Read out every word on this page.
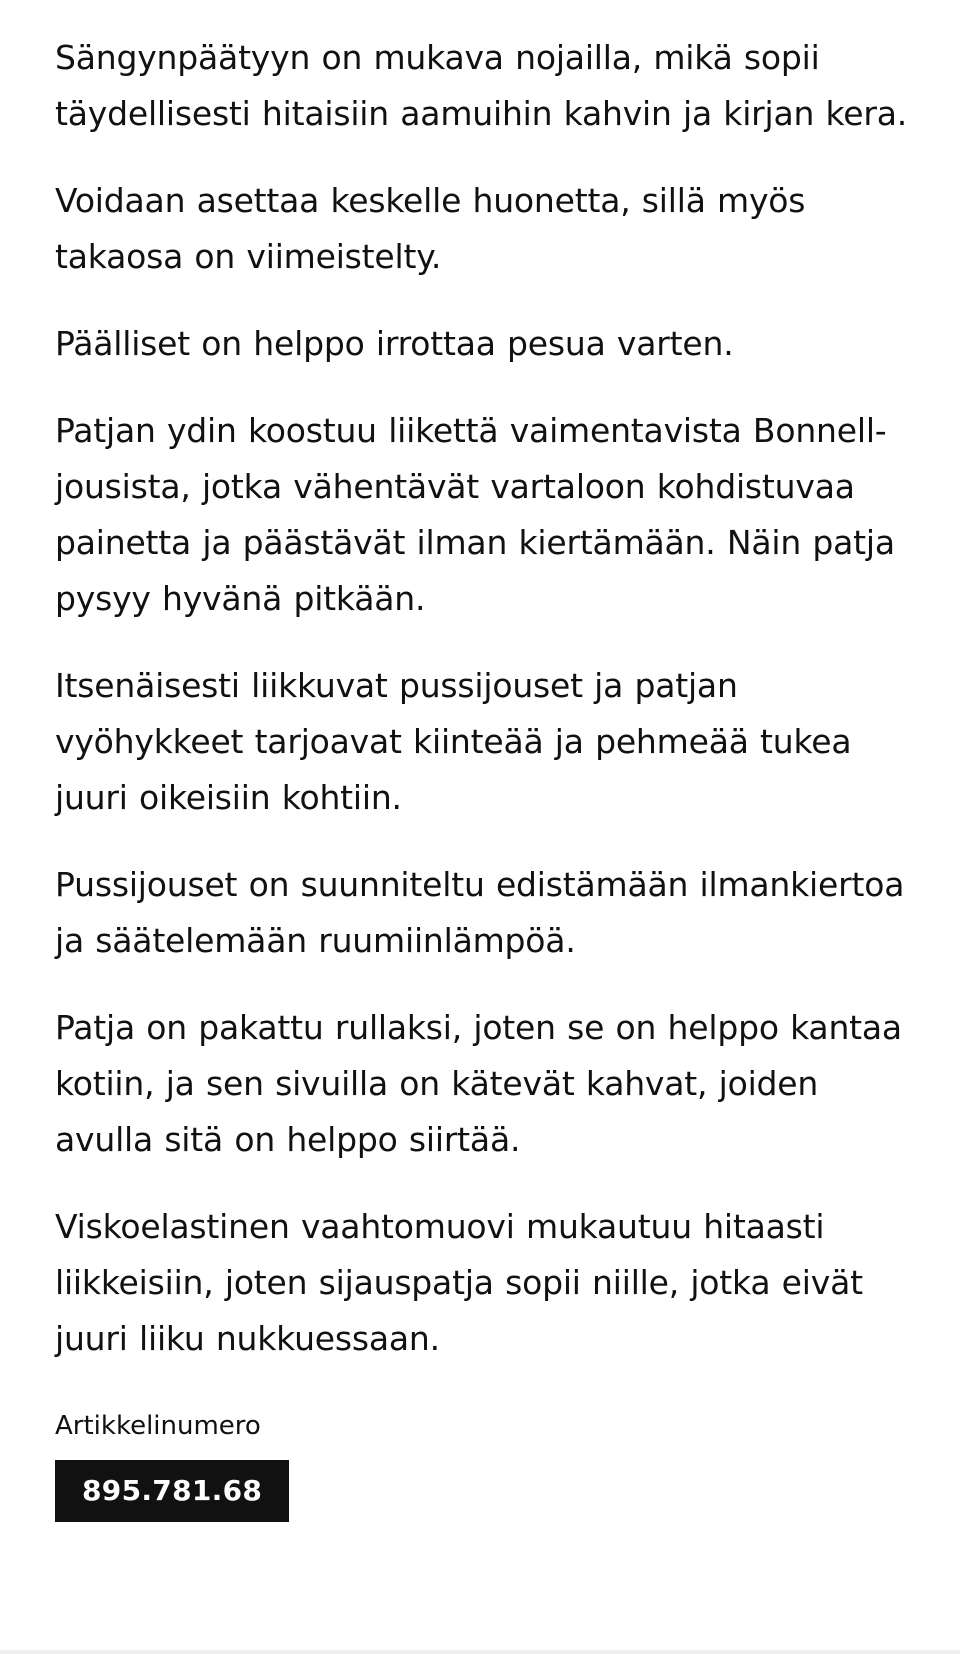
Sängynpäätyyn on mukava nojailla, mikä sopii täydellisesti hitaisiin aamuihin kahvin ja kirjan kera.

Voidaan asettaa keskelle huonetta, sillä myös takaosa on viimeistelty.

Päälliset on helppo irrottaa pesua varten.

Patjan ydin koostuu liikettä vaimentavista Bonnell-jousista, jotka vähentävät vartaloon kohdistuvaa painetta ja päästävät ilman kiertämään. Näin patja pysyy hyvänä pitkään.

Itsenäisesti liikkuvat pussijouset ja patjan vyöhykkeet tarjoavat kiinteää ja pehmeää tukea juuri oikeisiin kohtiin.

Pussijouset on suunniteltu edistämään ilmankiertoa ja säätelemään ruumiinlämpöä.

Patja on pakattu rullaksi, joten se on helppo kantaa kotiin, ja sen sivuilla on kätevät kahvat, joiden avulla sitä on helppo siirtää.

Viskoelastinen vaahtomuovi mukautuu hitaasti liikkeisiin, joten sijauspatja sopii niille, jotka eivät juuri liiku nukkuessaan.

Artikkelinumero
895.781.68
